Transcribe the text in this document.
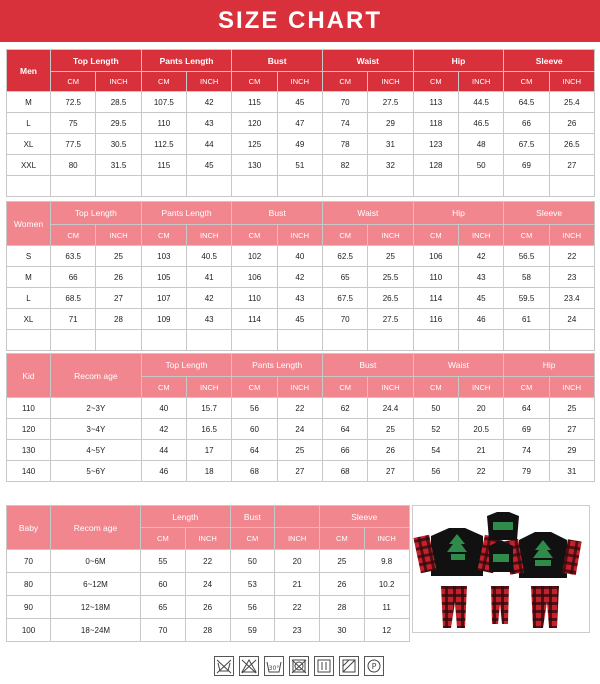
SIZE CHART
Men	Top Length		Pants Length		Bust		Waist		Hip		Sleeve	
	CM	INCH	CM	INCH	CM	INCH	CM	INCH	CM	INCH	CM	INCH
M	72.5	28.5	107.5	42	115	45	70	27.5	113	44.5	64.5	25.4
L	75	29.5	110	43	120	47	74	29	118	46.5	66	26
XL	77.5	30.5	112.5	44	125	49	78	31	123	48	67.5	26.5
XXL	80	31.5	115	45	130	51	82	32	128	50	69	27

Women	Top Length		Pants Length		Bust		Waist		Hip		Sleeve	
	CM	INCH	CM	INCH	CM	INCH	CM	INCH	CM	INCH	CM	INCH
S	63.5	25	103	40.5	102	40	62.5	25	106	42	56.5	22
M	66	26	105	41	106	42	65	25.5	110	43	58	23
L	68.5	27	107	42	110	43	67.5	26.5	114	45	59.5	23.4
XL	71	28	109	43	114	45	70	27.5	116	46	61	24

Kid	Recom age	Top Length		Pants Length		Bust		Waist		Hip	
		CM	INCH	CM	INCH	CM	INCH	CM	INCH	CM	INCH
110	2~3Y	40	15.7	56	22	62	24.4	50	20	64	25
120	3~4Y	42	16.5	60	24	64	25	52	20.5	69	27
130	4~5Y	44	17	64	25	66	26	54	21	74	29
140	5~6Y	46	18	68	27	68	27	56	22	79	31
Baby	Recom age	Length		Bust		Sleeve	
		CM	INCH	CM	INCH	CM	INCH
70	0~6M	55	22	50	20	25	9.8
80	6~12M	60	24	53	21	26	10.2
90	12~18M	65	26	56	22	28	11
100	18~24M	70	28	59	23	30	12
30°	P
